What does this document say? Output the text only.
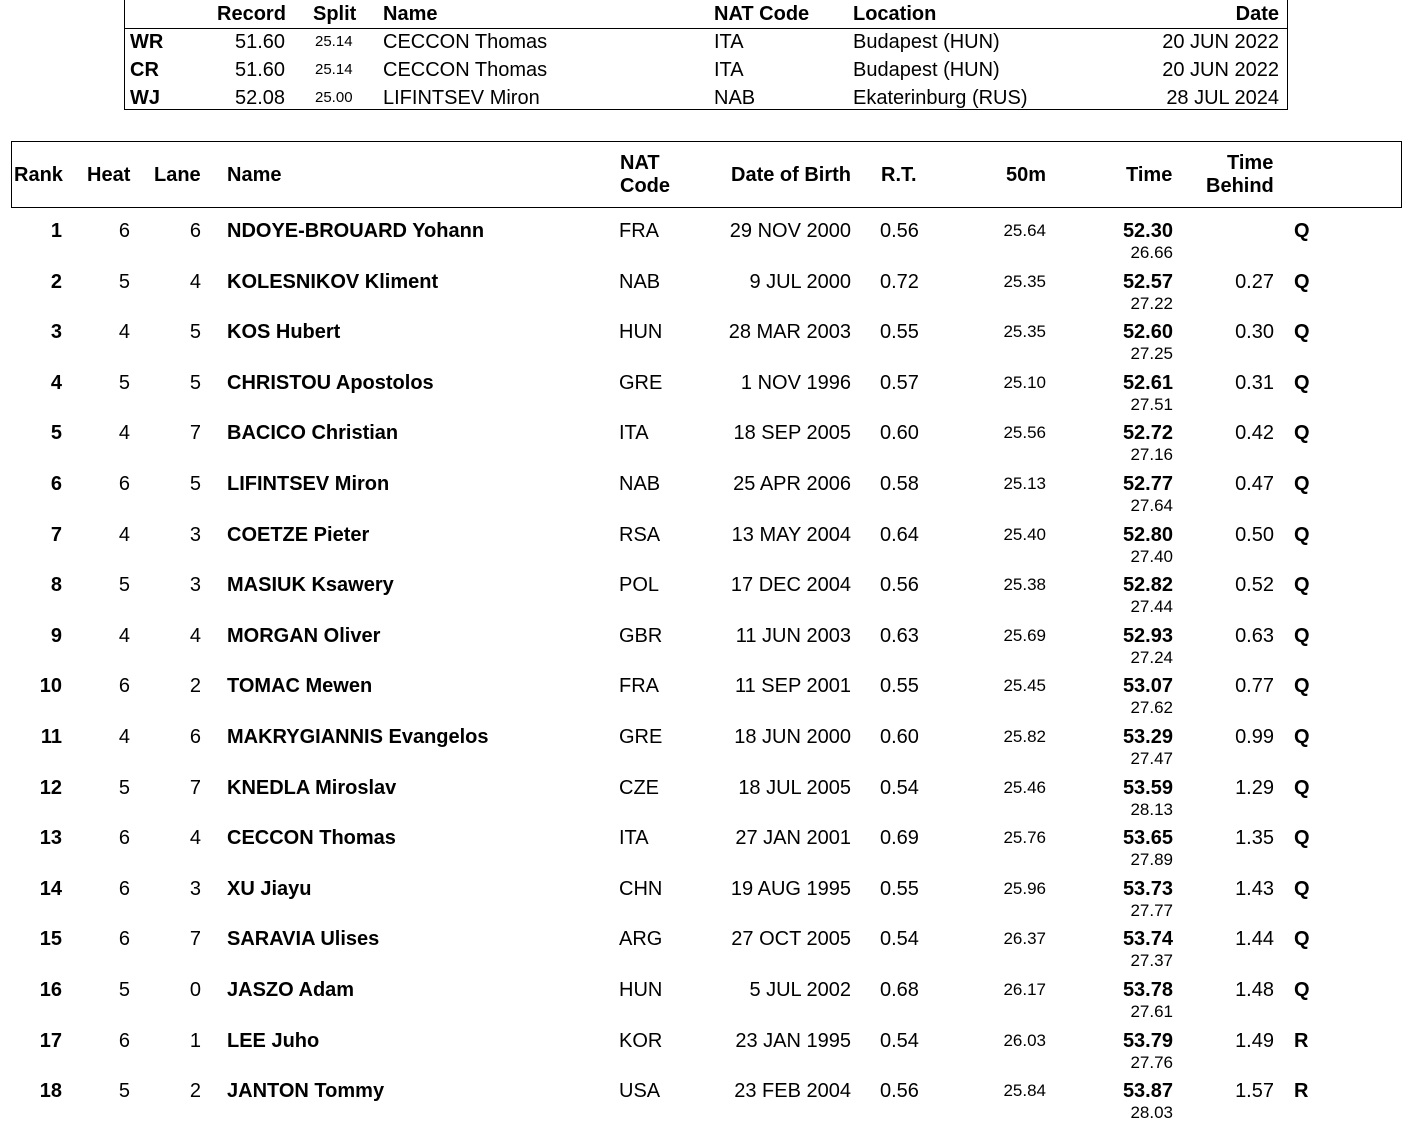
Record Split Name	NAT Code Location	Date
WR	51.60 25.14 CECCON Thomas	ITA	Budapest (HUN)	20 JUN 2022
CR	51.60 25.14 CECCON Thomas	ITA	Budapest (HUN)	20 JUN 2022
WJ	52.08 25.00 LIFINTSEV Miron	NAB	Ekaterinburg (RUS)	28 JUL 2024
Rank Heat Lane Name
NAT
Code	Date of Birth R.T.	50m	Time
Time
Behind
1	6	6 NDOYE-BROUARD Yohann	FRA	29 NOV 2000 0.56	25.64	52.30	Q
26.66
2	5	4 KOLESNIKOV Kliment	NAB	9 JUL 2000 0.72	25.35	52.57	0.27 Q
27.22
3	4	5 KOS Hubert	HUN	28 MAR 2003 0.55	25.35	52.60	0.30 Q
27.25
4	5	5 CHRISTOU Apostolos	GRE	1 NOV 1996 0.57	25.10	52.61	0.31 Q
27.51
5	4	7 BACICO Christian	ITA	18 SEP 2005 0.60	25.56	52.72	0.42 Q
27.16
6	6	5 LIFINTSEV Miron	NAB	25 APR 2006 0.58	25.13	52.77	0.47 Q
27.64
7	4	3 COETZE Pieter	RSA	13 MAY 2004 0.64	25.40	52.80	0.50 Q
27.40
8	5	3 MASIUK Ksawery	POL	17 DEC 2004 0.56	25.38	52.82	0.52 Q
27.44
9	4	4 MORGAN Oliver	GBR	11 JUN 2003 0.63	25.69	52.93	0.63 Q
27.24
10	6	2 TOMAC Mewen	FRA	11 SEP 2001 0.55	25.45	53.07	0.77 Q
27.62
11	4	6 MAKRYGIANNIS Evangelos	GRE	18 JUN 2000 0.60	25.82	53.29	0.99 Q
27.47
12	5	7 KNEDLA Miroslav	CZE	18 JUL 2005 0.54	25.46	53.59	1.29 Q
28.13
13	6	4 CECCON Thomas	ITA	27 JAN 2001 0.69	25.76	53.65	1.35 Q
27.89
14	6	3 XU Jiayu	CHN	19 AUG 1995 0.55	25.96	53.73	1.43 Q
27.77
15	6	7 SARAVIA Ulises	ARG	27 OCT 2005 0.54	26.37	53.74	1.44 Q
27.37
16	5	0 JASZO Adam	HUN	5 JUL 2002 0.68	26.17	53.78	1.48 Q
27.61
17	6	1 LEE Juho	KOR	23 JAN 1995 0.54	26.03	53.79	1.49 R
27.76
18	5	2 JANTON Tommy	USA	23 FEB 2004 0.56	25.84	53.87	1.57 R
28.03
